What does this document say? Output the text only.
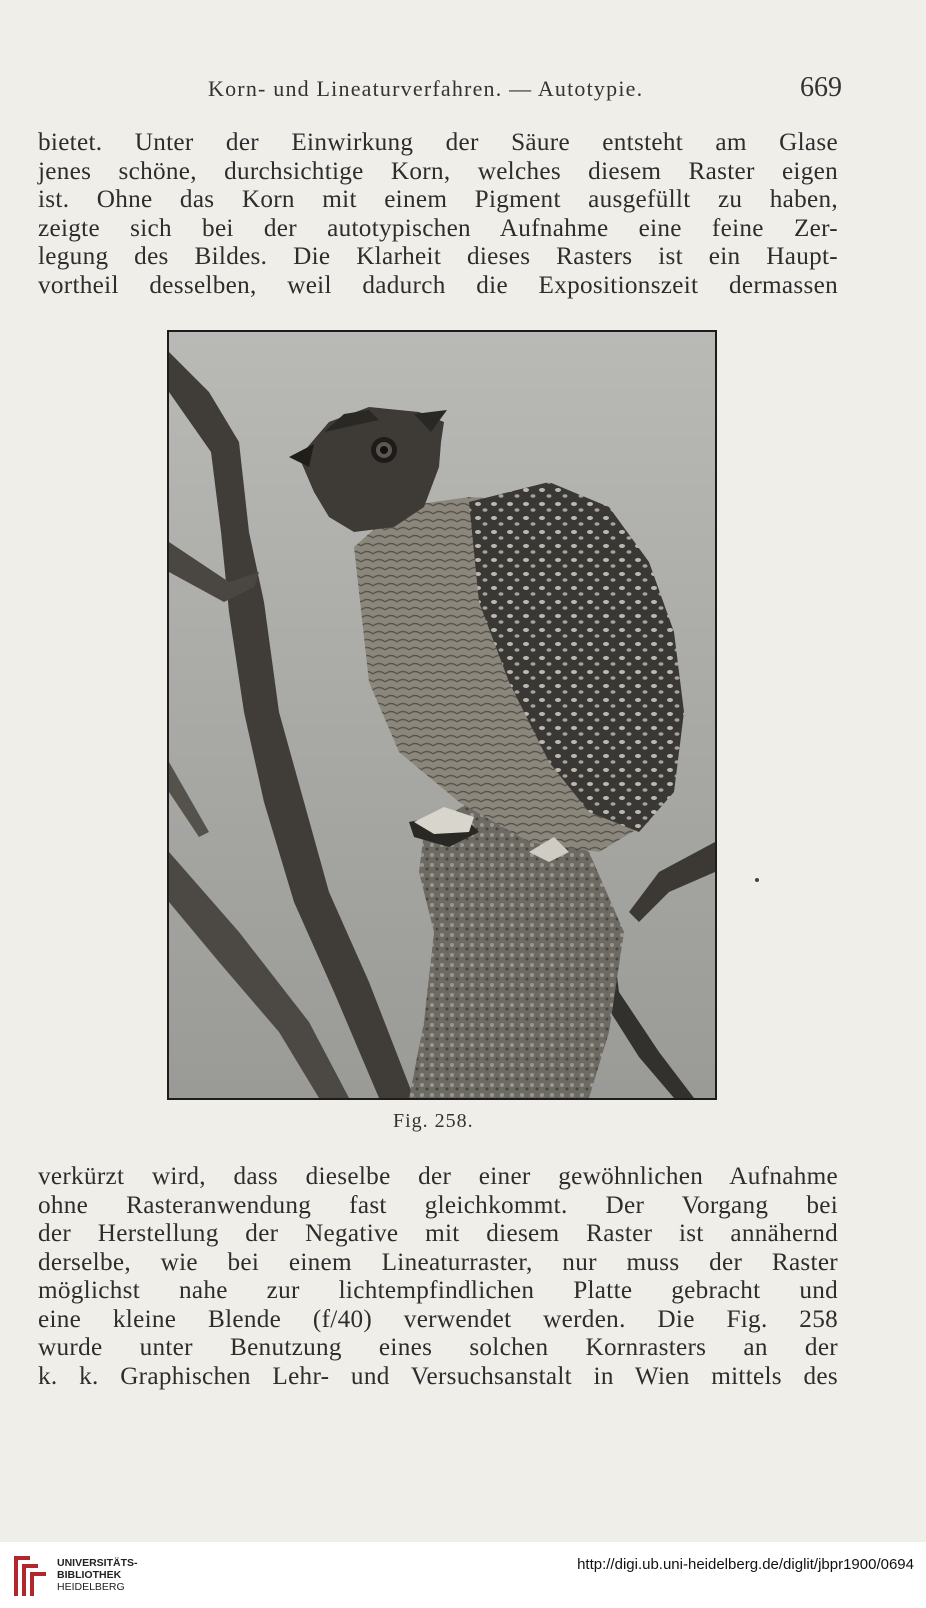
Korn- und Lineaturverfahren. — Autotypie.	669
bietet. Unter der Einwirkung der Säure entsteht am Glase
jenes schöne, durchsichtige Korn, welches diesem Raster eigen
ist. Ohne das Korn mit einem Pigment ausgefüllt zu haben,
zeigte sich bei der autotypischen Aufnahme eine feine Zer-
legung des Bildes. Die Klarheit dieses Rasters ist ein Haupt-
vortheil desselben, weil dadurch die Expositionszeit dermassen
Fig. 258.
verkürzt wird, dass dieselbe der einer gewöhnlichen Aufnahme
ohne Rasteranwendung fast gleichkommt. Der Vorgang bei
der Herstellung der Negative mit diesem Raster ist annähernd
derselbe, wie bei einem Lineaturraster, nur muss der Raster
möglichst nahe zur lichtempfindlichen Platte gebracht und
eine kleine Blende (f/40) verwendet werden. Die Fig. 258
wurde unter Benutzung eines solchen Kornrasters an der
k. k. Graphischen Lehr- und Versuchsanstalt in Wien mittels des
UNIVERSITÄTS-
BIBLIOTHEK
HEIDELBERG
http://digi.ub.uni-heidelberg.de/diglit/jbpr1900/0694
